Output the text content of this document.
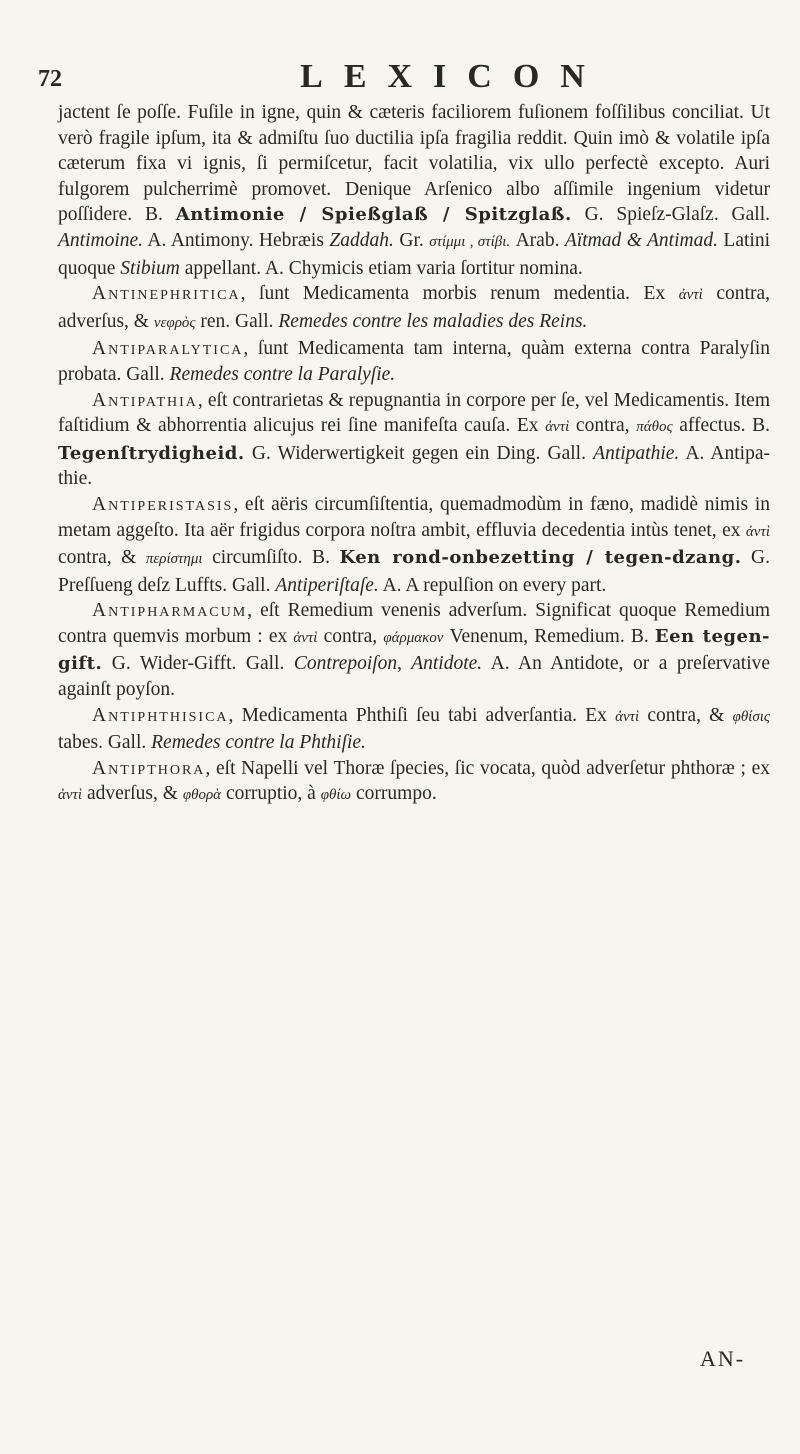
72	LEXICON

jactent ſe poſſe. Fuſile in igne, quin & cæteris faciliorem fuſionem foſſilibus conciliat. Ut verò fragile ipſum, ita & admiſtu ſuo ductilia ipſa fragilia reddit. Quin imò & volatile ipſa cæterum fixa vi ignis, ſi permiſcetur, facit volatilia, vix ullo perfectè excepto. Auri fulgorem pulcherrimè promovet. Denique Arſenico albo aſſimile ingenium videtur poſſidere. B. Antimonie / Spießglaß / Spitzglaß. G. Spieſz-Glaſz. Gall. Antimoine. A. Antimony. Hebræis Zaddah. Gr. στίμμι , στίβι. Arab. Aïtmad & Antimad. Latini quoque Stibium appellant. A. Chymicis etiam varia ſortitur nomina.

Antinephritica, ſunt Medicamenta morbis renum medentia. Ex ἀντὶ contra, adverſus, & νεφρὸς ren. Gall. Remedes contre les maladies des Reins.

Antiparalytica, ſunt Medicamenta tam interna, quàm externa contra Paralyſin probata. Gall. Remedes contre la Paralyſie.

Antipathia, eſt contrarietas & repugnantia in corpore per ſe, vel Medicamentis. Item faſtidium & abhorrentia alicujus rei ſine manifeſta cauſa. Ex ἀντὶ contra, πάθος affectus. B. Tegenſtrydigheid. G. Widerwertigkeit gegen ein Ding. Gall. Antipathie. A. Antipathie.

Antiperistasis, eſt aëris circumſiſtentia, quemadmodùm in fæno, madidè nimis in metam aggeſto. Ita aër frigidus corpora noſtra ambit, effluvia decedentia intùs tenet, ex ἀντὶ contra, & περίστημι circumſiſto. B. Ken rond-onbezetting / tegen-dzang. G. Preſſueng deſz Luffts. Gall. Antiperiſtaſe. A. A repulſion on every part.

Antipharmacum, eſt Remedium venenis adverſum. Significat quoque Remedium contra quemvis morbum : ex ἀντὶ contra, φάρμακον Venenum, Remedium. B. Een tegen-gift. G. Wider-Gifft. Gall. Contrepoiſon, Antidote. A. An Antidote, or a preſervative againſt poyſon.

Antiphthisica, Medicamenta Phthiſi ſeu tabi adverſantia. Ex ἀντὶ contra, & φθίσις tabes. Gall. Remedes contre la Phthiſie.

Antipthora, eſt Napelli vel Thoræ ſpecies, ſic vocata, quòd adverſetur phthoræ ; ex ἀντὶ adverſus, & φθορὰ corruptio, à φθίω corrumpo.

AN-
